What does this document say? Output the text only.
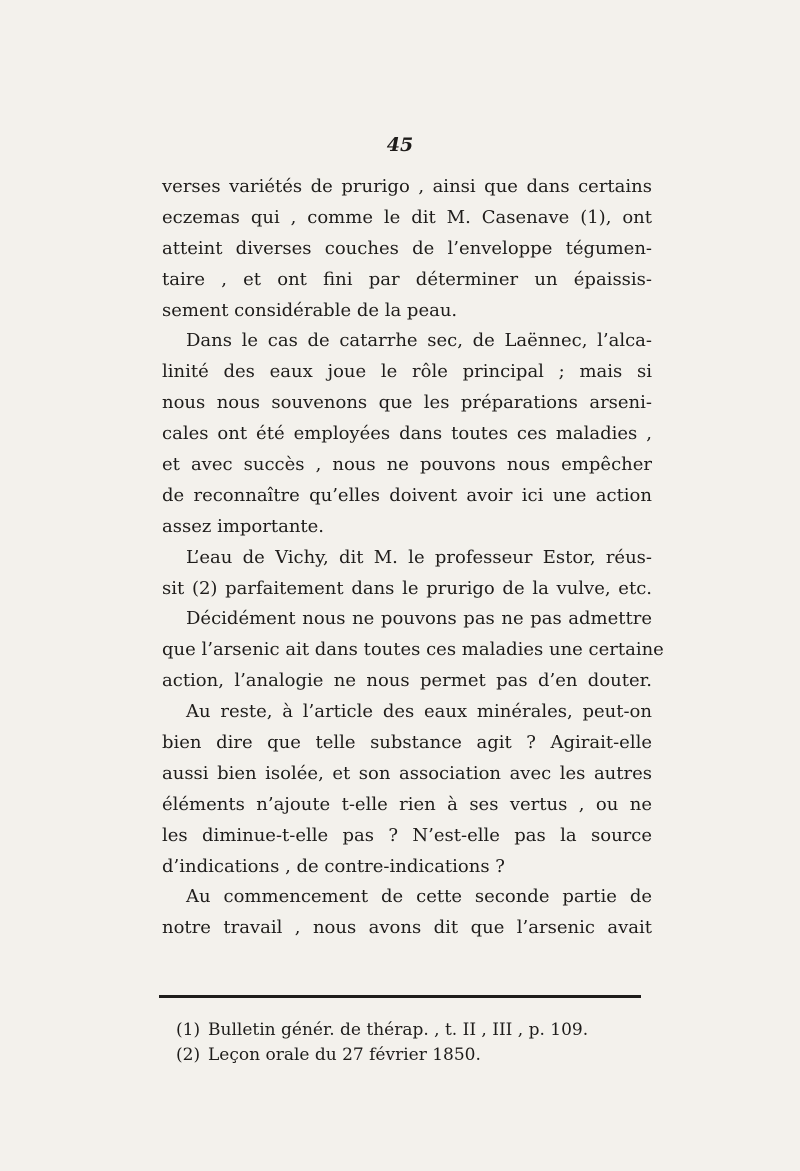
45
verses variétés de prurigo , ainsi que dans certains
eczemas qui , comme le dit M. Casenave (1), ont
atteint diverses couches de l’enveloppe tégumen-
taire , et ont fini par déterminer un épaissis-
sement considérable de la peau.
Dans le cas de catarrhe sec, de Laënnec, l’alca-
linité des eaux joue le rôle principal ; mais si
nous nous souvenons que les préparations arseni-
cales ont été employées dans toutes ces maladies ,
et avec succès , nous ne pouvons nous empêcher
de reconnaître qu’elles doivent avoir ici une action
assez importante.
L’eau de Vichy, dit M. le professeur Estor, réus-
sit (2) parfaitement dans le prurigo de la vulve, etc.
Décidément nous ne pouvons pas ne pas admettre
que l’arsenic ait dans toutes ces maladies une certaine
action, l’analogie ne nous permet pas d’en douter.
Au reste, à l’article des eaux minérales, peut-on
bien dire que telle substance agit ? Agirait-elle
aussi bien isolée, et son association avec les autres
éléments n’ajoute t-elle rien à ses vertus , ou ne
les diminue-t-elle pas ? N’est-elle pas la source
d’indications , de contre-indications ?
Au commencement de cette seconde partie de
notre travail , nous avons dit que l’arsenic avait
(1) Bulletin génér. de thérap. , t. II , III , p. 109.
(2) Leçon orale du 27 février 1850.
